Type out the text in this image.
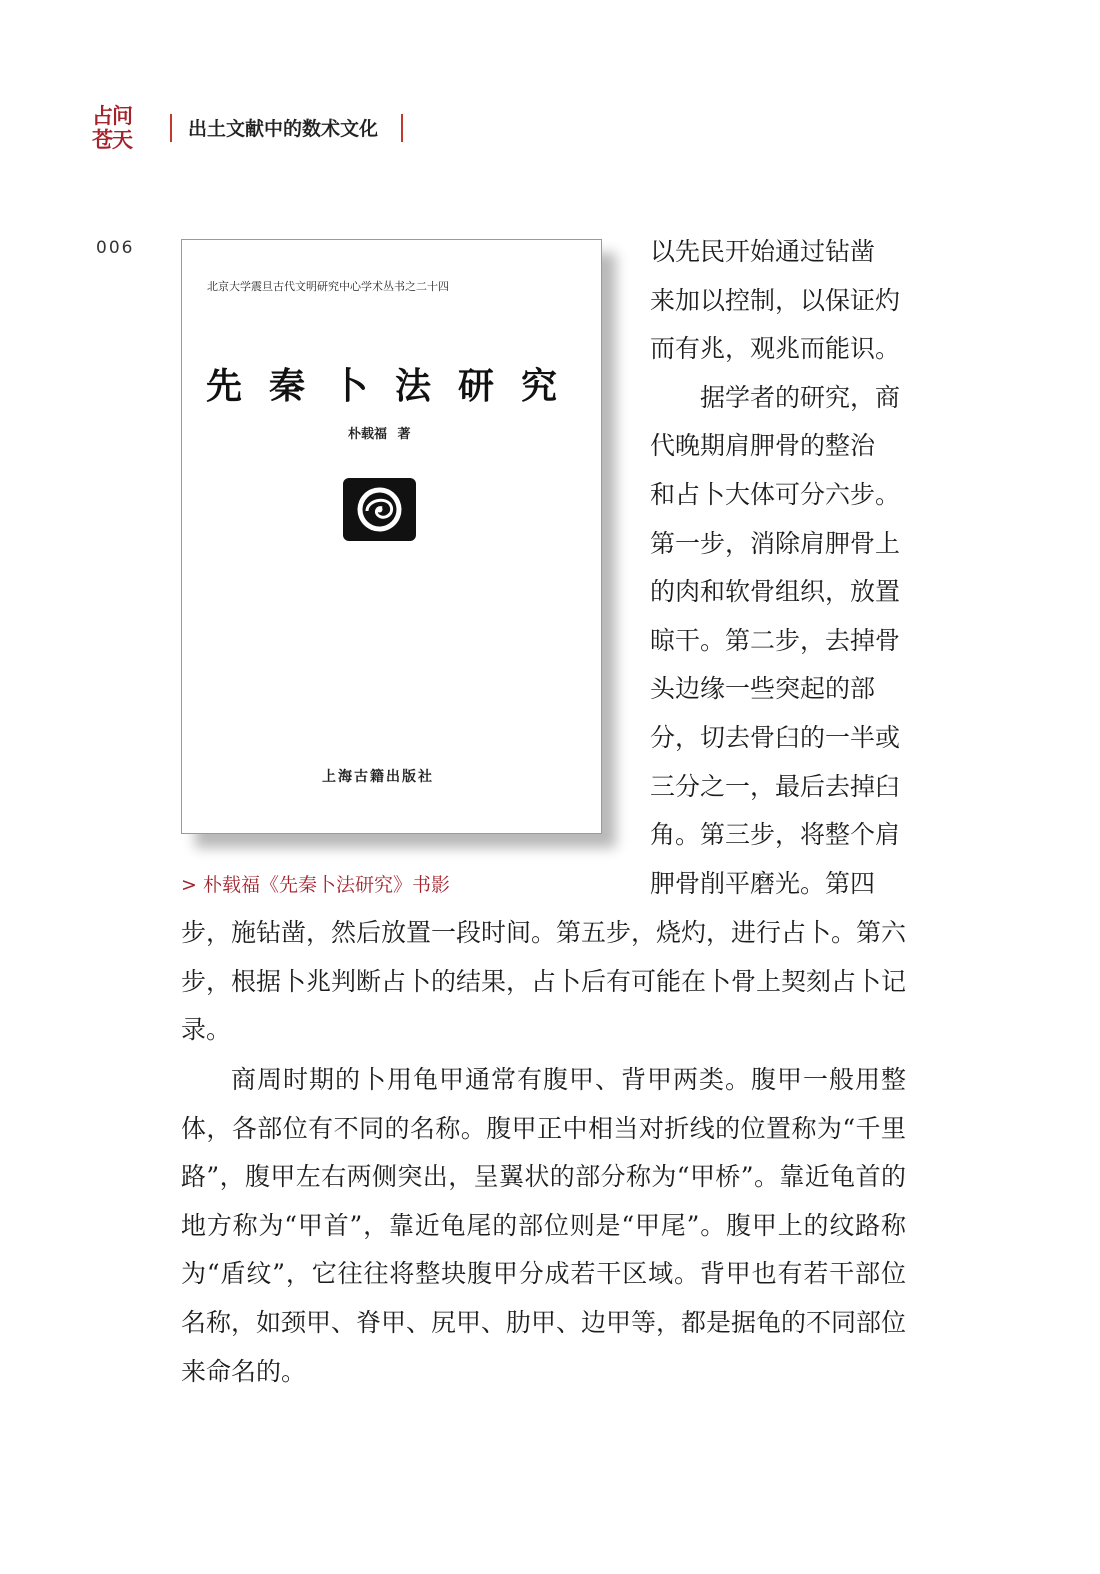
占问
苍天	出土文献中的数术文化
006
北京大学震旦古代文明研究中心学术丛书之二十四
先秦卜法研究
朴载福 著
上海古籍出版社
> 朴载福《先秦卜法研究》书影
以先民开始通过钻凿
来加以控制，以保证灼
而有兆，观兆而能识。
据学者的研究，商
代晚期肩胛骨的整治
和占卜大体可分六步。
第一步，消除肩胛骨上
的肉和软骨组织，放置
晾干。第二步，去掉骨
头边缘一些突起的部
分，切去骨臼的一半或
三分之一，最后去掉臼
角。第三步，将整个肩
胛骨削平磨光。第四

步，施钻凿，然后放置一段时间。第五步，烧灼，进行占卜。第六步，根据卜兆判断占卜的结果，占卜后有可能在卜骨上契刻占卜记录。

商周时期的卜用龟甲通常有腹甲、背甲两类。腹甲一般用整体，各部位有不同的名称。腹甲正中相当对折线的位置称为“千里路”，腹甲左右两侧突出，呈翼状的部分称为“甲桥”。靠近龟首的地方称为“甲首”，靠近龟尾的部位则是“甲尾”。腹甲上的纹路称为“盾纹”，它往往将整块腹甲分成若干区域。背甲也有若干部位名称，如颈甲、脊甲、尻甲、肋甲、边甲等，都是据龟的不同部位来命名的。
